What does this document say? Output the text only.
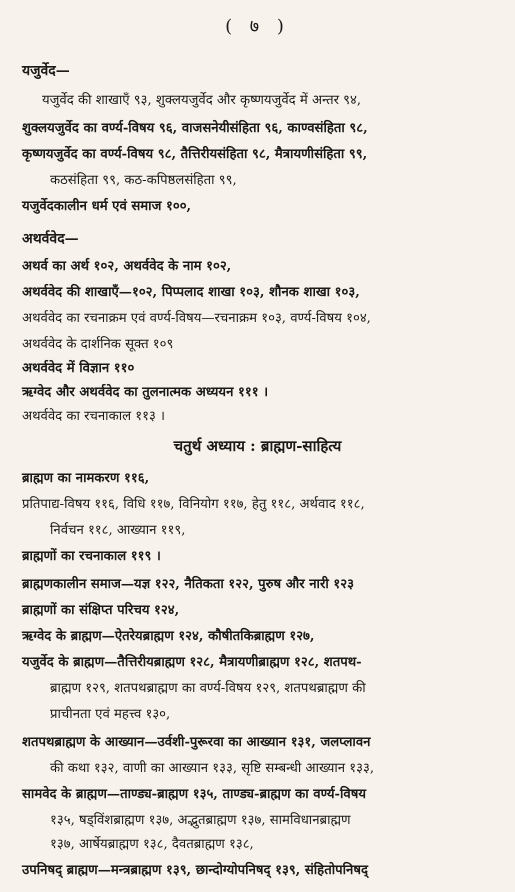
( ७ )
यजुर्वेद—
यजुर्वेद की शाखाएँ ९३, शुक्लयजुर्वेद और कृष्णयजुर्वेद में अन्तर ९४,
शुक्लयजुर्वेद का वर्ण्य-विषय ९६, वाजसनेयीसंहिता ९६, काण्वसंहिता ९८,
कृष्णयजुर्वेद का वर्ण्य-विषय ९८, तैत्तिरीयसंहिता ९८, मैत्रायणीसंहिता ९९,
कठसंहिता ९९, कठ-कपिष्ठलसंहिता ९९,
यजुर्वेदकालीन धर्म एवं समाज १००,
अथर्ववेद—
अथर्व का अर्थ १०२, अथर्ववेद के नाम १०२,
अथर्ववेद की शाखाएँ—१०२, पिप्पलाद शाखा १०३, शौनक शाखा १०३,
अथर्ववेद का रचनाक्रम एवं वर्ण्य-विषय—रचनाक्रम १०३, वर्ण्य-विषय १०४,
अथर्ववेद के दार्शनिक सूक्त १०९
अथर्ववेद में विज्ञान ११०
ऋग्वेद और अथर्ववेद का तुलनात्मक अध्ययन १११ ।
अथर्ववेद का रचनाकाल ११३ ।
चतुर्थ अध्याय : ब्राह्मण-साहित्य
ब्राह्मण का नामकरण ११६,
प्रतिपाद्य-विषय ११६, विधि ११७, विनियोग ११७, हेतु ११८, अर्थवाद ११८,
निर्वचन ११८, आख्यान ११९,
ब्राह्मणों का रचनाकाल ११९ ।
ब्राह्मणकालीन समाज—यज्ञ १२२, नैतिकता १२२, पुरुष और नारी १२३
ब्राह्मणों का संक्षिप्त परिचय १२४,
ऋग्वेद के ब्राह्मण—ऐतरेयब्राह्मण १२४, कौषीतकिब्राह्मण १२७,
यजुर्वेद के ब्राह्मण—तैत्तिरीयब्राह्मण १२८, मैत्रायणीब्राह्मण १२८, शतपथ-
ब्राह्मण १२९, शतपथब्राह्मण का वर्ण्य-विषय १२९, शतपथब्राह्मण की
प्राचीनता एवं महत्त्व १३०,
शतपथब्राह्मण के आख्यान—उर्वशी-पुरूरवा का आख्यान १३१, जलप्लावन
की कथा १३२, वाणी का आख्यान १३३, सृष्टि सम्बन्धी आख्यान १३३,
सामवेद के ब्राह्मण—ताण्ड्य-ब्राह्मण १३५, ताण्ड्य-ब्राह्मण का वर्ण्य-विषय
१३५, षड्विंशब्राह्मण १३७, अद्भुतब्राह्मण १३७, सामविधानब्राह्मण
१३७, आर्षेयब्राह्मण १३८, दैवतब्राह्मण १३८,
उपनिषद् ब्राह्मण—मन्त्रब्राह्मण १३९, छान्दोग्योपनिषद् १३९, संहितोपनिषद्
